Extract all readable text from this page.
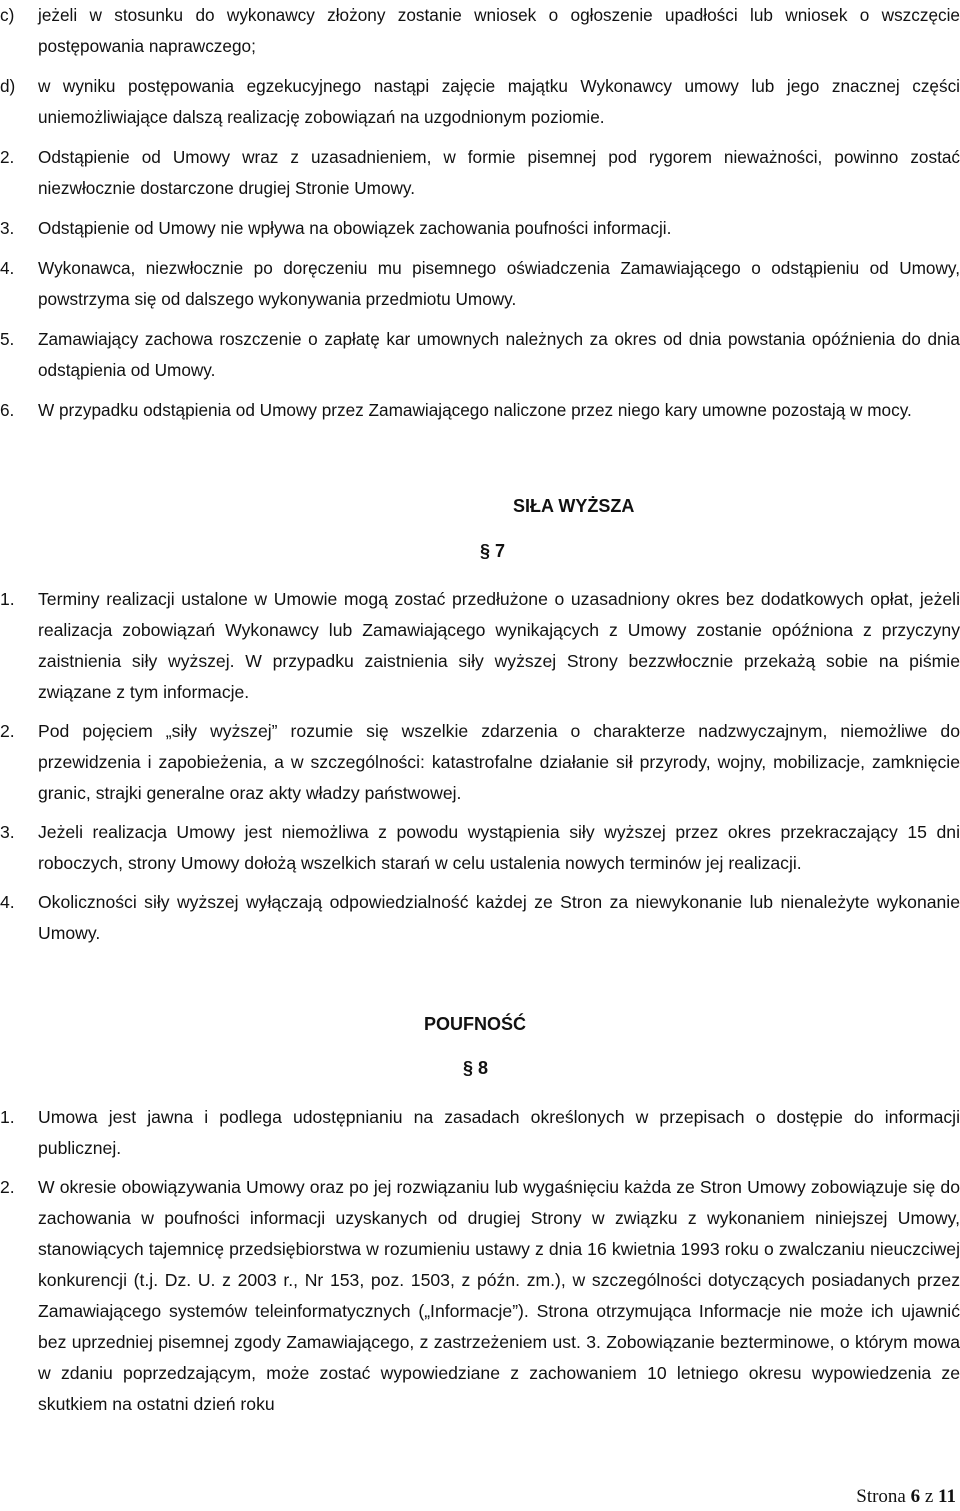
c) jeżeli w stosunku do wykonawcy złożony zostanie wniosek o ogłoszenie upadłości lub wniosek o wszczęcie postępowania naprawczego;
d) w wyniku postępowania egzekucyjnego nastąpi zajęcie majątku Wykonawcy umowy lub jego znacznej części uniemożliwiające dalszą realizację zobowiązań na uzgodnionym poziomie.
2. Odstąpienie od Umowy wraz z uzasadnieniem, w formie pisemnej pod rygorem nieważności, powinno zostać niezwłocznie dostarczone drugiej Stronie Umowy.
3. Odstąpienie od Umowy nie wpływa na obowiązek zachowania poufności informacji.
4. Wykonawca, niezwłocznie po doręczeniu mu pisemnego oświadczenia Zamawiającego o odstąpieniu od Umowy, powstrzyma się od dalszego wykonywania przedmiotu Umowy.
5. Zamawiający zachowa roszczenie o zapłatę kar umownych należnych za okres od dnia powstania opóźnienia do dnia odstąpienia od Umowy.
6. W przypadku odstąpienia od Umowy przez Zamawiającego naliczone przez niego kary umowne pozostają w mocy.
SIŁA WYŻSZA
§ 7
1. Terminy realizacji ustalone w Umowie mogą zostać przedłużone o uzasadniony okres bez dodatkowych opłat, jeżeli realizacja zobowiązań Wykonawcy lub Zamawiającego wynikających z Umowy zostanie opóźniona z przyczyny zaistnienia siły wyższej. W przypadku zaistnienia siły wyższej Strony bezzwłocznie przekażą sobie na piśmie związane z tym informacje.
2. Pod pojęciem „siły wyższej” rozumie się wszelkie zdarzenia o charakterze nadzwyczajnym, niemożliwe do przewidzenia i zapobieżenia, a w szczególności: katastrofalne działanie sił przyrody, wojny, mobilizacje, zamknięcie granic, strajki generalne oraz akty władzy państwowej.
3. Jeżeli realizacja Umowy jest niemożliwa z powodu wystąpienia siły wyższej przez okres przekraczający 15 dni roboczych, strony Umowy dołożą wszelkich starań w celu ustalenia nowych terminów jej realizacji.
4. Okoliczności siły wyższej wyłączają odpowiedzialność każdej ze Stron za niewykonanie lub nienależyte wykonanie Umowy.
POUFNOŚĆ
§ 8
1. Umowa jest jawna i podlega udostępnianiu na zasadach określonych w przepisach o dostępie do informacji publicznej.
2. W okresie obowiązywania Umowy oraz po jej rozwiązaniu lub wygaśnięciu każda ze Stron Umowy zobowiązuje się do zachowania w poufności informacji uzyskanych od drugiej Strony w związku z wykonaniem niniejszej Umowy, stanowiących tajemnicę przedsiębiorstwa w rozumieniu ustawy z dnia 16 kwietnia 1993 roku o zwalczaniu nieuczciwej konkurencji (t.j. Dz. U. z 2003 r., Nr 153, poz. 1503, z późn. zm.), w szczególności dotyczących posiadanych przez Zamawiającego systemów teleinformatycznych („Informacje”). Strona otrzymująca Informacje nie może ich ujawnić bez uprzedniej pisemnej zgody Zamawiającego, z zastrzeżeniem ust. 3. Zobowiązanie bezterminowe, o którym mowa w zdaniu poprzedzającym, może zostać wypowiedziane z zachowaniem 10 letniego okresu wypowiedzenia ze skutkiem na ostatni dzień roku
Strona 6 z 11
